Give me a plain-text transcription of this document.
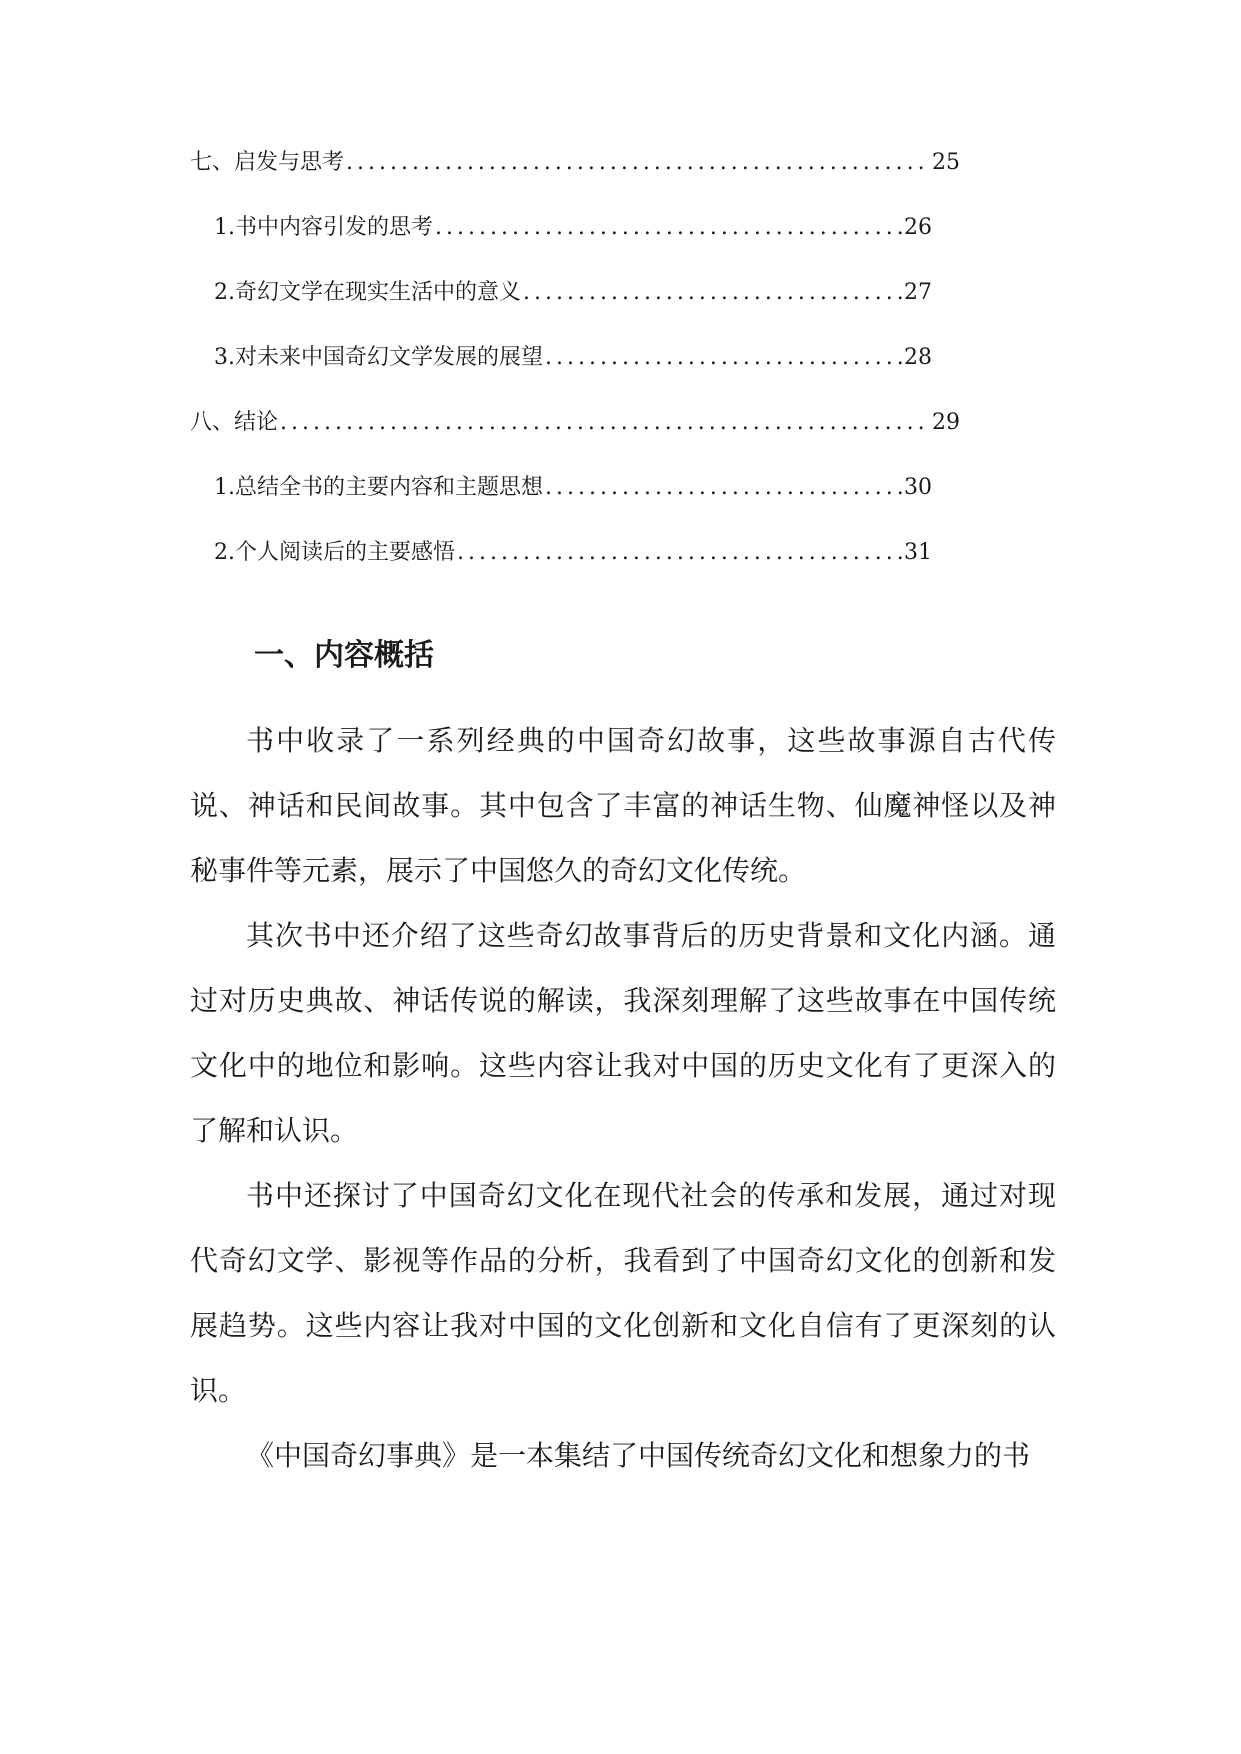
七、启发与思考 .....	25
1. 书中内容引发的思考 .....	26
2. 奇幻文学在现实生活中的意义 .....	27
3. 对未来中国奇幻文学发展的展望 .....	28
八、结论 .....	29
1. 总结全书的主要内容和主题思想 .....	30
2. 个人阅读后的主要感悟 .....	31
一、内容概括

书中收录了一系列经典的中国奇幻故事，这些故事源自古代传说、神话和民间故事。其中包含了丰富的神话生物、仙魔神怪以及神秘事件等元素，展示了中国悠久的奇幻文化传统。

其次书中还介绍了这些奇幻故事背后的历史背景和文化内涵。通过对历史典故、神话传说的解读，我深刻理解了这些故事在中国传统文化中的地位和影响。这些内容让我对中国的历史文化有了更深入的了解和认识。

书中还探讨了中国奇幻文化在现代社会的传承和发展，通过对现代奇幻文学、影视等作品的分析，我看到了中国奇幻文化的创新和发展趋势。这些内容让我对中国的文化创新和文化自信有了更深刻的认识。

《中国奇幻事典》是一本集结了中国传统奇幻文化和想象力的书
